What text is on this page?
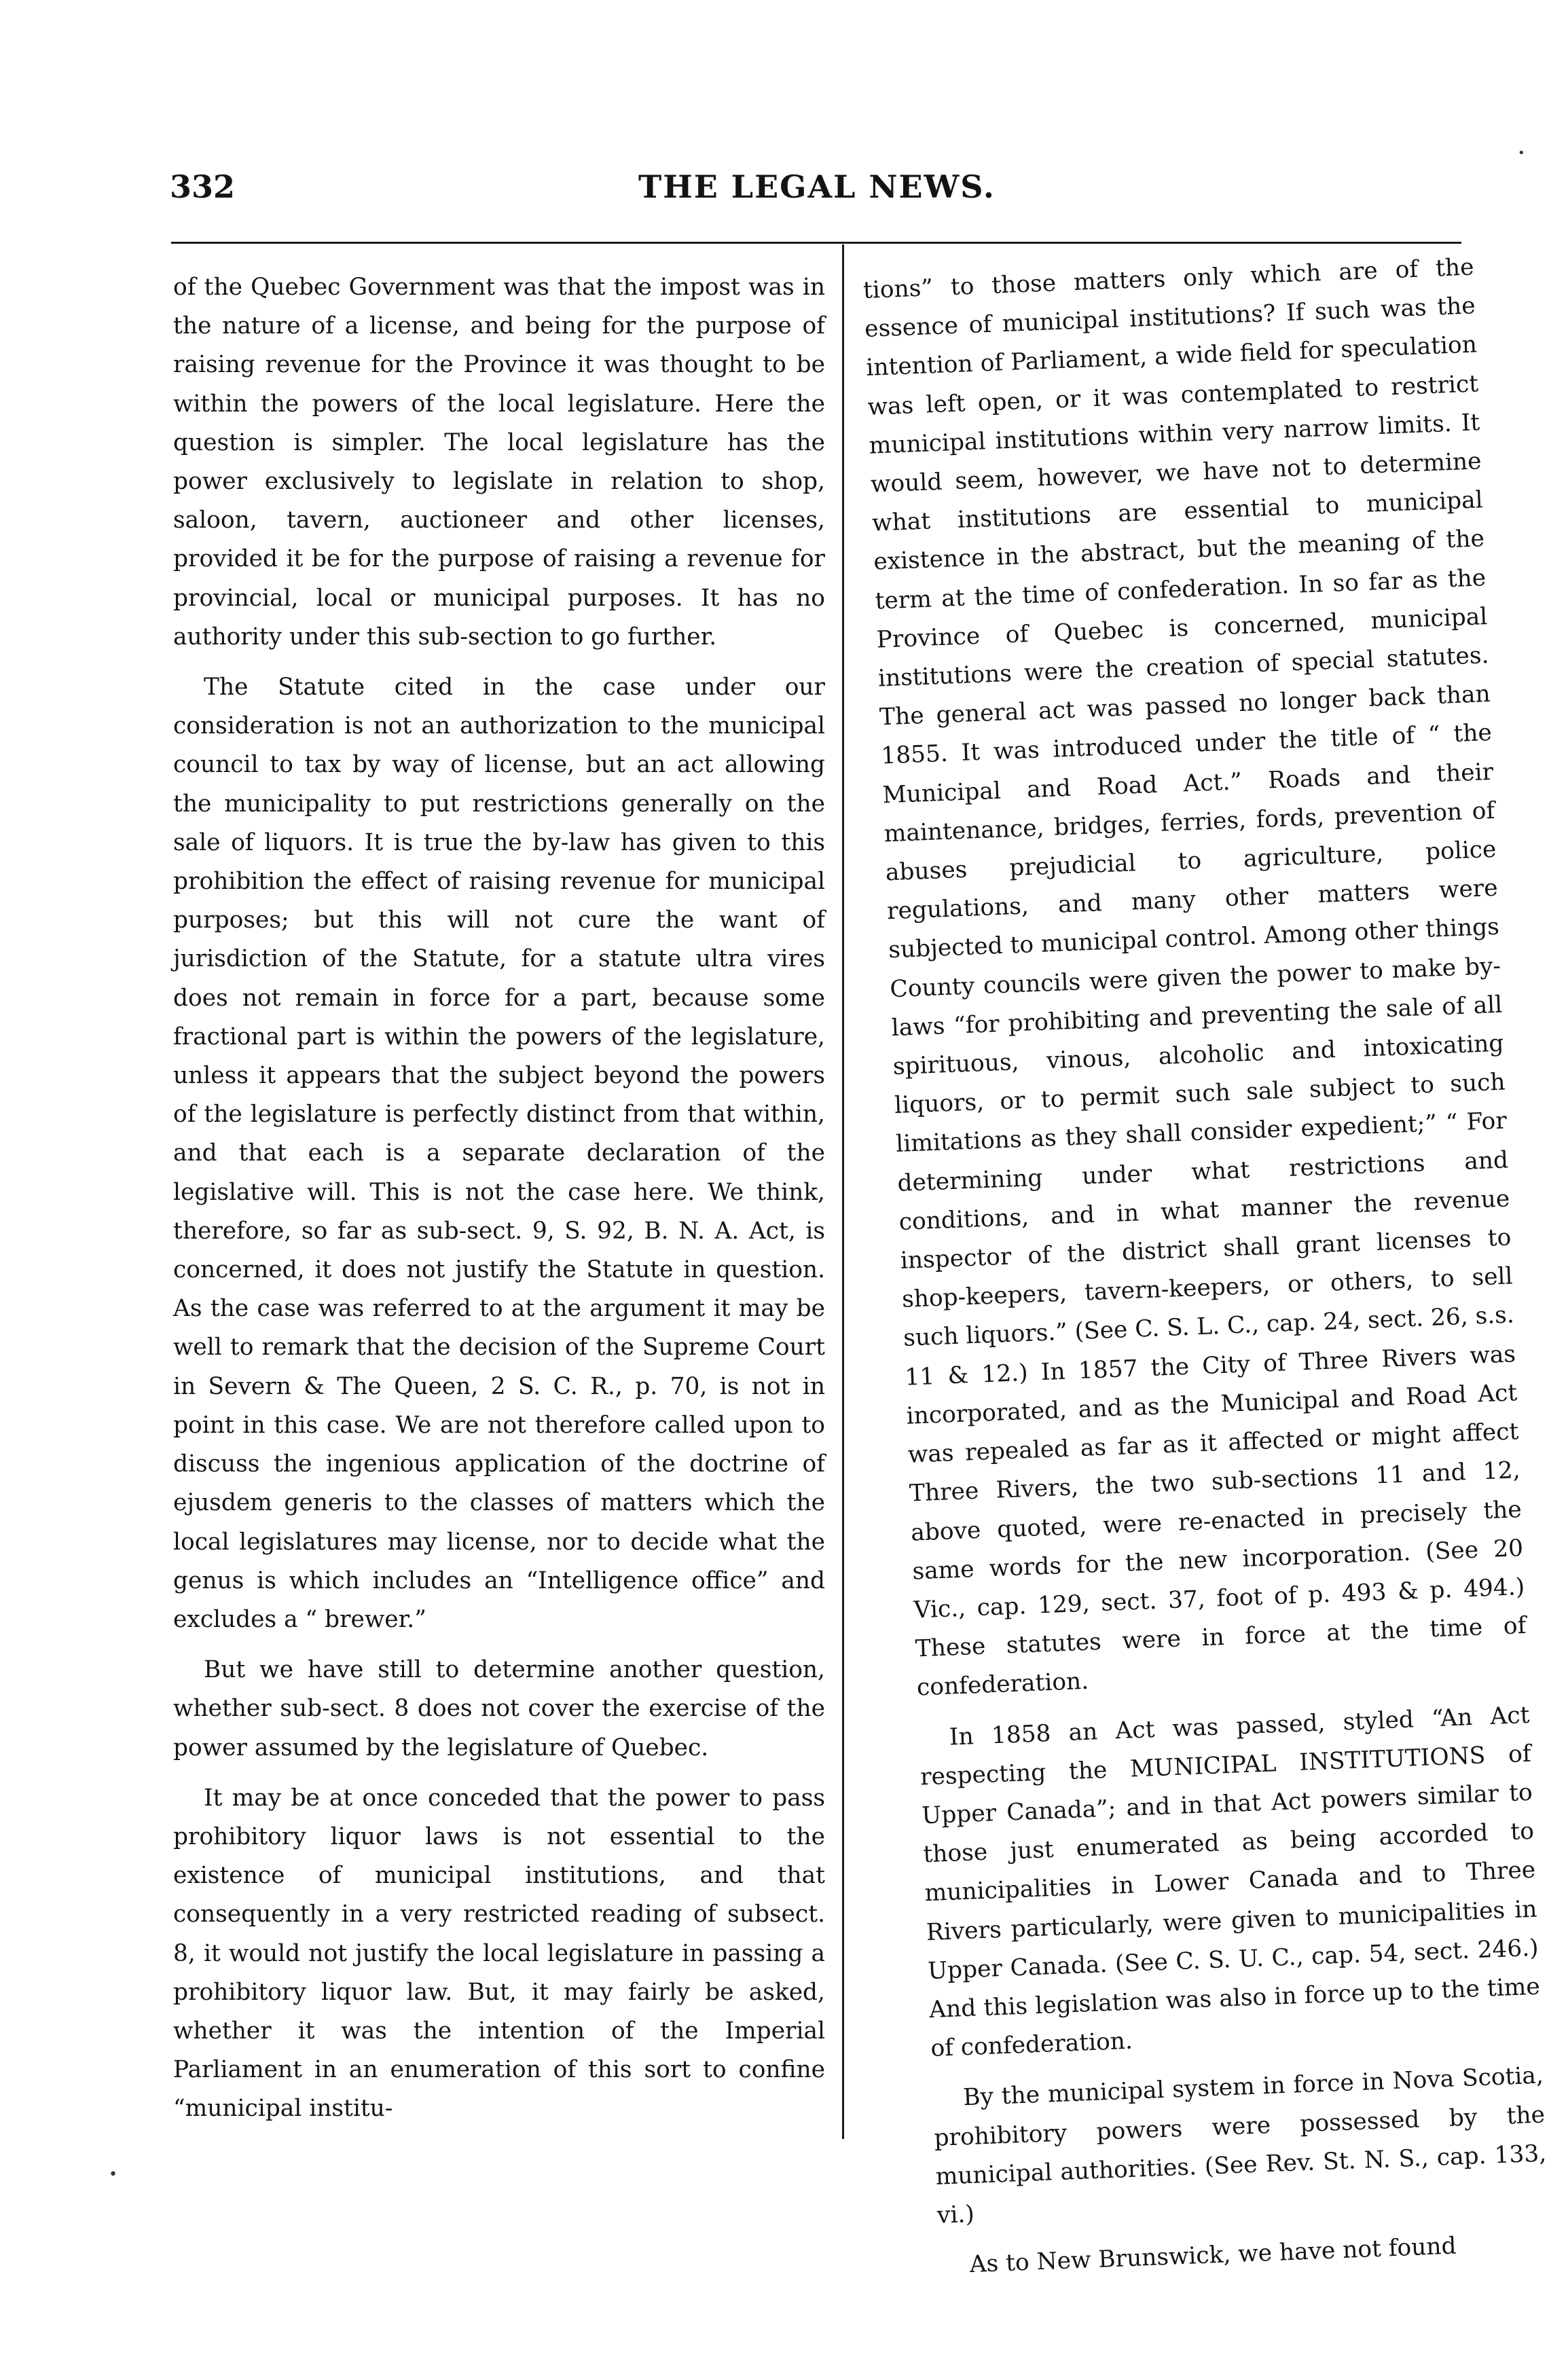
332	THE LEGAL NEWS.

of the Quebec Government was that the impost was in the nature of a license, and being for the purpose of raising revenue for the Province it was thought to be within the powers of the local legislature. Here the question is simpler. The local legislature has the power exclusively to legislate in relation to shop, saloon, tavern, auctioneer and other licenses, provided it be for the purpose of raising a revenue for provincial, local or municipal purposes. It has no authority under this sub-section to go further.

The Statute cited in the case under our consideration is not an authorization to the municipal council to tax by way of license, but an act allowing the municipality to put restrictions generally on the sale of liquors. It is true the by-law has given to this prohibition the effect of raising revenue for municipal purposes; but this will not cure the want of jurisdiction of the Statute, for a statute ultra vires does not remain in force for a part, because some fractional part is within the powers of the legislature, unless it appears that the subject beyond the powers of the legislature is perfectly distinct from that within, and that each is a separate declaration of the legislative will. This is not the case here. We think, therefore, so far as sub-sect. 9, S. 92, B. N. A. Act, is concerned, it does not justify the Statute in question. As the case was referred to at the argument it may be well to remark that the decision of the Supreme Court in Severn & The Queen, 2 S. C. R., p. 70, is not in point in this case. We are not therefore called upon to discuss the ingenious application of the doctrine of ejusdem generis to the classes of matters which the local legislatures may license, nor to decide what the genus is which includes an “Intelligence office” and excludes a “ brewer.”

But we have still to determine another question, whether sub-sect. 8 does not cover the exercise of the power assumed by the legislature of Quebec.

It may be at once conceded that the power to pass prohibitory liquor laws is not essential to the existence of municipal institutions, and that consequently in a very restricted reading of subsect. 8, it would not justify the local legislature in passing a prohibitory liquor law. But, it may fairly be asked, whether it was the intention of the Imperial Parliament in an enumeration of this sort to confine “municipal institu-

tions” to those matters only which are of the essence of municipal institutions? If such was the intention of Parliament, a wide field for speculation was left open, or it was contemplated to restrict municipal institutions within very narrow limits. It would seem, however, we have not to determine what institutions are essential to municipal existence in the abstract, but the meaning of the term at the time of confederation. In so far as the Province of Quebec is concerned, municipal institutions were the creation of special statutes. The general act was passed no longer back than 1855. It was introduced under the title of “ the Municipal and Road Act.” Roads and their maintenance, bridges, ferries, fords, prevention of abuses prejudicial to agriculture, police regulations, and many other matters were subjected to municipal control. Among other things County councils were given the power to make by-laws “for prohibiting and preventing the sale of all spirituous, vinous, alcoholic and intoxicating liquors, or to permit such sale subject to such limitations as they shall consider expedient;” “ For determining under what restrictions and conditions, and in what manner the revenue inspector of the district shall grant licenses to shop-keepers, tavern-keepers, or others, to sell such liquors.” (See C. S. L. C., cap. 24, sect. 26, s.s. 11 & 12.) In 1857 the City of Three Rivers was incorporated, and as the Municipal and Road Act was repealed as far as it affected or might affect Three Rivers, the two sub-sections 11 and 12, above quoted, were re-enacted in precisely the same words for the new incorporation. (See 20 Vic., cap. 129, sect. 37, foot of p. 493 & p. 494.) These statutes were in force at the time of confederation.

In 1858 an Act was passed, styled “An Act respecting the MUNICIPAL INSTITUTIONS of Upper Canada”; and in that Act powers similar to those just enumerated as being accorded to municipalities in Lower Canada and to Three Rivers particularly, were given to municipalities in Upper Canada. (See C. S. U. C., cap. 54, sect. 246.) And this legislation was also in force up to the time of confederation.

By the municipal system in force in Nova Scotia, prohibitory powers were possessed by the municipal authorities. (See Rev. St. N. S., cap. 133, vi.)

As to New Brunswick, we have not found

•
•
